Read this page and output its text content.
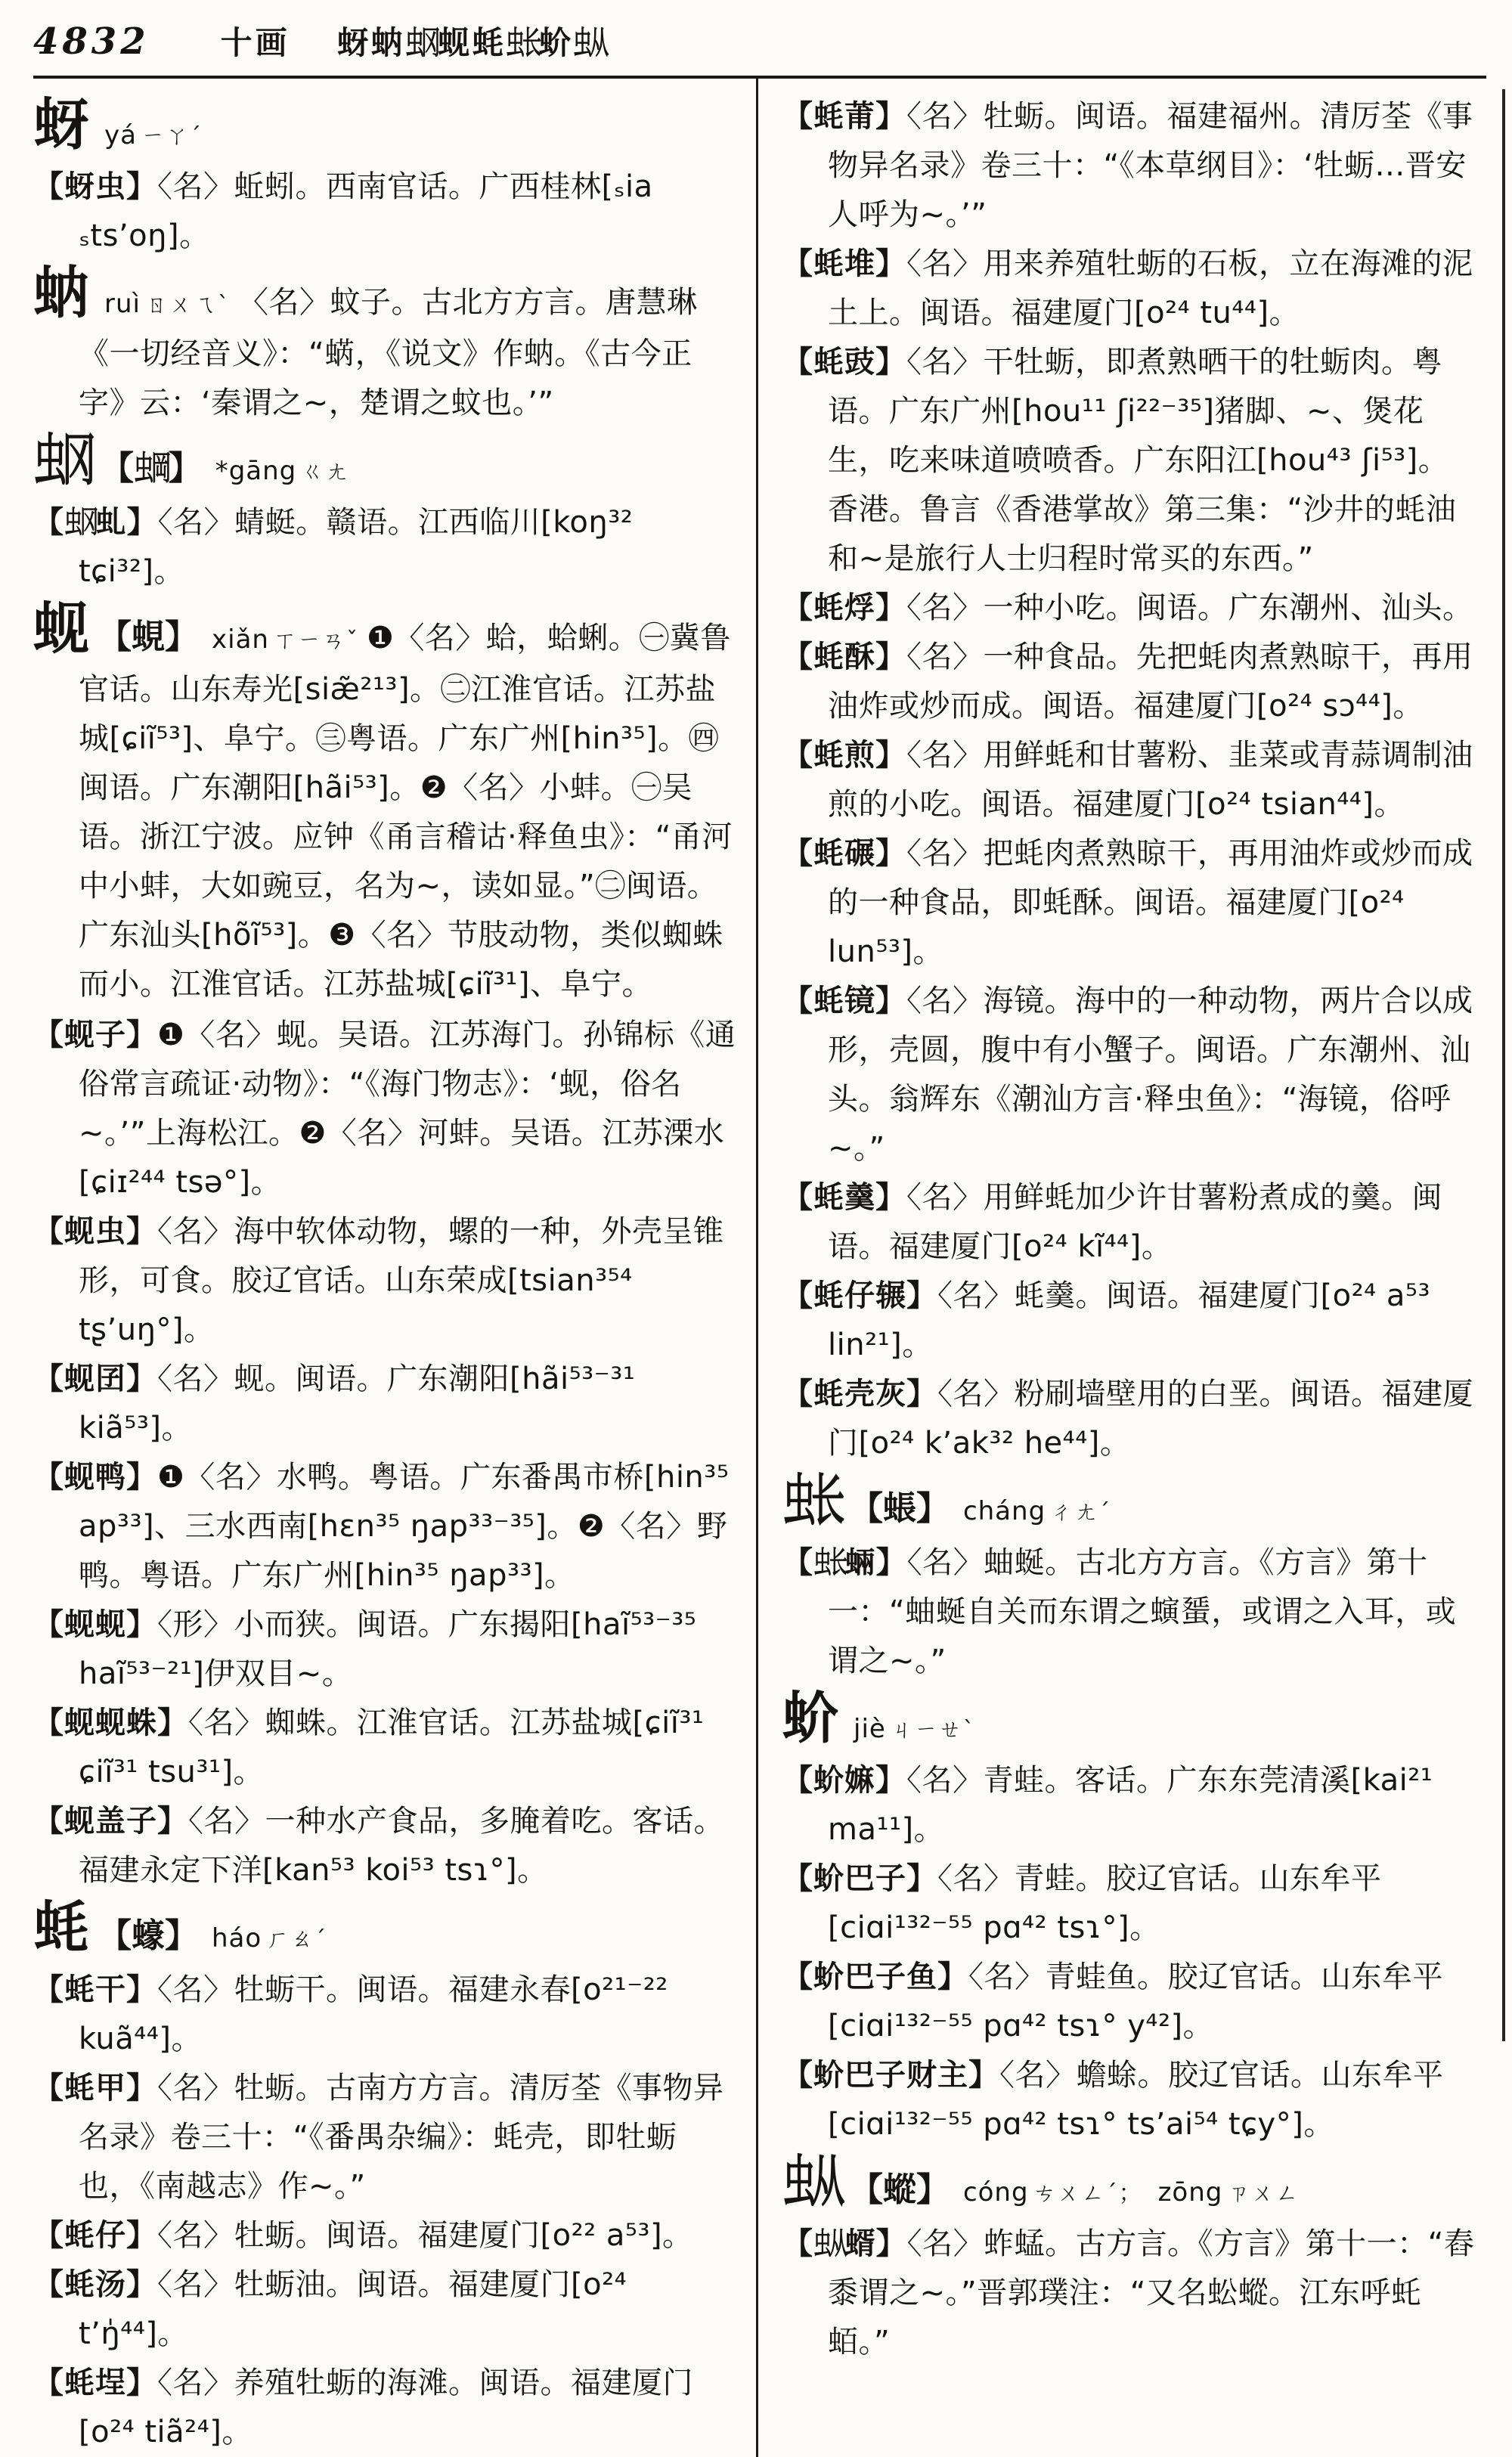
4832 十画 蚜蚋虫冈蚬蚝虫长蚧虫从

蚜yá ㄧㄚˊ

【蚜虫】〈名〉蚯蚓。西南官话。广西桂林[ₛia ₛts’oŋ]。

蚋ruì ㄖㄨㄟˋ 〈名〉蚊子。古北方方言。唐慧琳《一切经音义》：“蜹，《说文》作蚋。《古今正字》云：‘秦谓之~，楚谓之蚊也。’”

虫冈 【虫岡】 *gāng ㄍㄤ

【虫冈虬】〈名〉蜻蜓。赣语。江西临川[koŋ³² tɕi³²]。

蚬 【蜆】 xiǎn ㄒㄧㄢˇ ❶〈名〉蛤，蛤蜊。㊀冀鲁官话。山东寿光[siæ̃²¹³]。㊁江淮官话。江苏盐城[ɕiĩ⁵³]、阜宁。㊂粤语。广东广州[hin³⁵]。㊃闽语。广东潮阳[hãi⁵³]。❷〈名〉小蚌。㊀吴语。浙江宁波。应钟《甬言稽诂·释鱼虫》：“甬河中小蚌，大如豌豆，名为~，读如显。”㊁闽语。广东汕头[hõĩ⁵³]。❸〈名〉节肢动物，类似蜘蛛而小。江淮官话。江苏盐城[ɕiĩ³¹]、阜宁。

【蚬子】❶〈名〉蚬。吴语。江苏海门。孙锦标《通俗常言疏证·动物》：“《海门物志》：‘蚬，俗名~。’”上海松江。❷〈名〉河蚌。吴语。江苏溧水[ɕiɪ²⁴⁴ tsə°]。

【蚬虫】〈名〉海中软体动物，螺的一种，外壳呈锥形，可食。胶辽官话。山东荣成[tsian³⁵⁴ tʂ’uŋ°]。

【蚬囝】〈名〉蚬。闽语。广东潮阳[hãi⁵³⁻³¹ kiã⁵³]。

【蚬鸭】❶〈名〉水鸭。粤语。广东番禺市桥[hin³⁵ ap³³]、三水西南[hɛn³⁵ ŋap³³⁻³⁵]。❷〈名〉野鸭。粤语。广东广州[hin³⁵ ŋap³³]。

【蚬蚬】〈形〉小而狭。闽语。广东揭阳[haĩ⁵³⁻³⁵ haĩ⁵³⁻²¹]伊双目~。

【蚬蚬蛛】〈名〉蜘蛛。江淮官话。江苏盐城[ɕiĩ³¹ ɕiĩ³¹ tsu³¹]。

【蚬盖子】〈名〉一种水产食品，多腌着吃。客话。福建永定下洋[kan⁵³ koi⁵³ tsɿ°]。

蚝 【蠔】 háo ㄏㄠˊ

【蚝干】〈名〉牡蛎干。闽语。福建永春[o²¹⁻²² kuã⁴⁴]。

【蚝甲】〈名〉牡蛎。古南方方言。清厉荃《事物异名录》卷三十：“《番禺杂编》：蚝壳，即牡蛎也，《南越志》作~。”

【蚝仔】〈名〉牡蛎。闽语。福建厦门[o²² a⁵³]。

【蚝汤】〈名〉牡蛎油。闽语。福建厦门[o²⁴ t’ŋ̍⁴⁴]。

【蚝埕】〈名〉养殖牡蛎的海滩。闽语。福建厦门[o²⁴ tiã²⁴]。

【蚝莆】〈名〉牡蛎。闽语。福建福州。清厉荃《事物异名录》卷三十：“《本草纲目》：‘牡蛎…晋安人呼为~。’”

【蚝堆】〈名〉用来养殖牡蛎的石板，立在海滩的泥土上。闽语。福建厦门[o²⁴ tu⁴⁴]。

【蚝豉】〈名〉干牡蛎，即煮熟晒干的牡蛎肉。粤语。广东广州[hou¹¹ ʃi²²⁻³⁵]猪脚、~、煲花生，吃来味道喷喷香。广东阳江[hou⁴³ ʃi⁵³]。香港。鲁言《香港掌故》第三集：“沙井的蚝油和~是旅行人士归程时常买的东西。”

【蚝烰】〈名〉一种小吃。闽语。广东潮州、汕头。

【蚝酥】〈名〉一种食品。先把蚝肉煮熟晾干，再用油炸或炒而成。闽语。福建厦门[o²⁴ sɔ⁴⁴]。

【蚝煎】〈名〉用鲜蚝和甘薯粉、韭菜或青蒜调制油煎的小吃。闽语。福建厦门[o²⁴ tsian⁴⁴]。

【蚝碾】〈名〉把蚝肉煮熟晾干，再用油炸或炒而成的一种食品，即蚝酥。闽语。福建厦门[o²⁴ lun⁵³]。

【蚝镜】〈名〉海镜。海中的一种动物，两片合以成形，壳圆，腹中有小蟹子。闽语。广东潮州、汕头。翁辉东《潮汕方言·释虫鱼》：“海镜，俗呼~。”

【蚝羹】〈名〉用鲜蚝加少许甘薯粉煮成的羹。闽语。福建厦门[o²⁴ kĩ⁴⁴]。

【蚝仔辗】〈名〉蚝羹。闽语。福建厦门[o²⁴ a⁵³ lin²¹]。

【蚝壳灰】〈名〉粉刷墙壁用的白垩。闽语。福建厦门[o²⁴ k’ak³² he⁴⁴]。

虫长 【䗅】 cháng ㄔㄤˊ

【虫长蜽】〈名〉蚰蜒。古北方方言。《方言》第十一：“蚰蜒自关而东谓之螾蜑，或谓之入耳，或谓之~。”

蚧jiè ㄐㄧㄝˋ

【蚧嫲】〈名〉青蛙。客话。广东东莞清溪[kai²¹ ma¹¹]。

【蚧巴子】〈名〉青蛙。胶辽官话。山东牟平[ciɑi¹³²⁻⁵⁵ pɑ⁴² tsɿ°]。

【蚧巴子鱼】〈名〉青蛙鱼。胶辽官话。山东牟平[ciɑi¹³²⁻⁵⁵ pɑ⁴² tsɿ° y⁴²]。

【蚧巴子财主】〈名〉蟾蜍。胶辽官话。山东牟平[ciɑi¹³²⁻⁵⁵ pɑ⁴² tsɿ° ts’ai⁵⁴ tɕy°]。

虫从 【䗥】 cóng ㄘㄨㄥˊ； zōng ㄗㄨㄥ

【虫从蝑】〈名〉蚱蜢。古方言。《方言》第十一：“舂黍谓之~。”晋郭璞注：“又名蚣䗥。江东呼虴蛨。”
